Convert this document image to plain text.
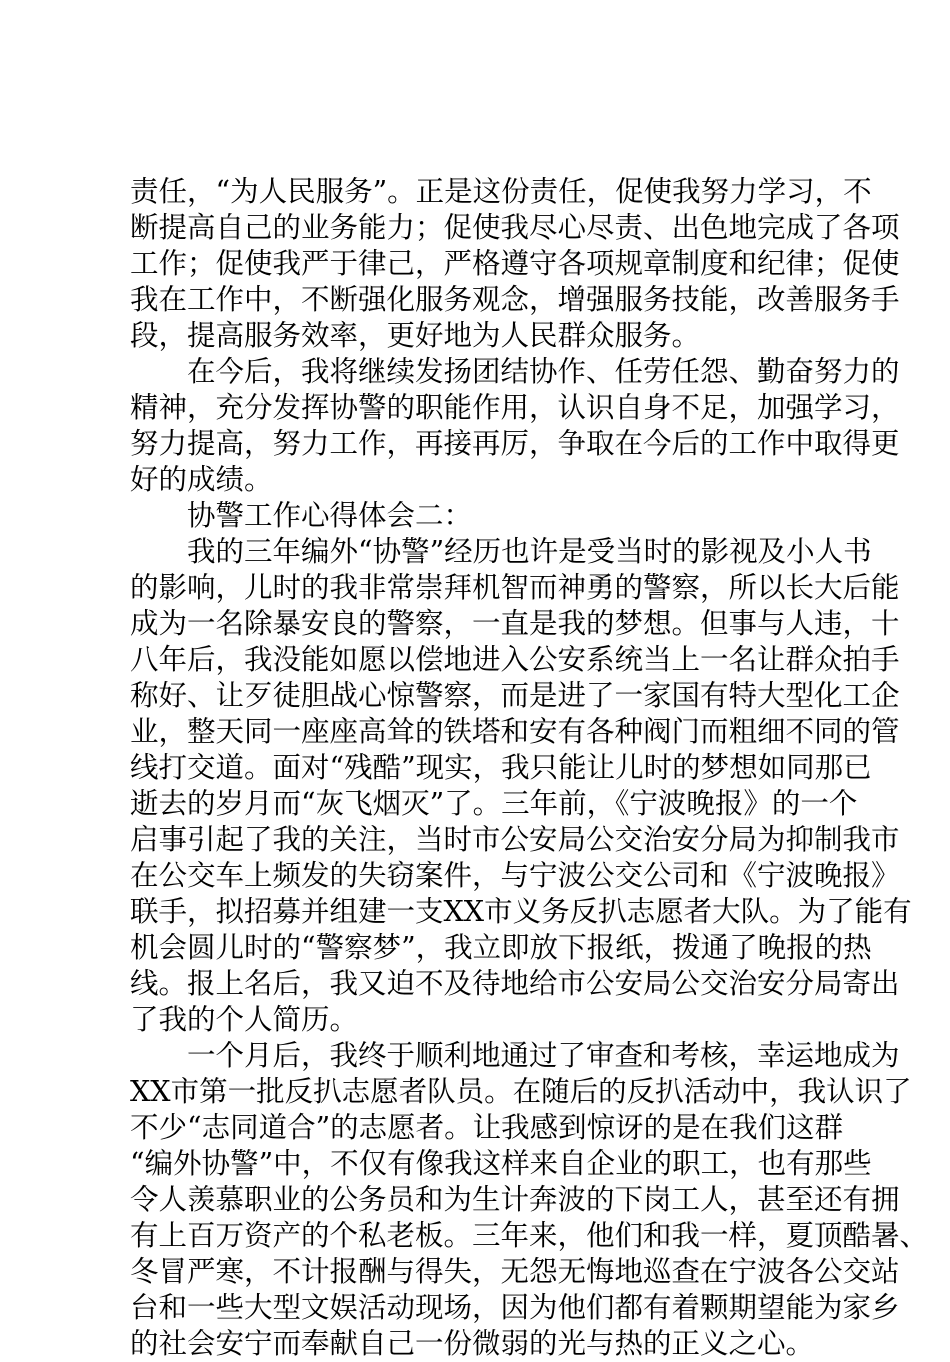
责任，“为人民服务”。正是这份责任，促使我努力学习，不
断提高自己的业务能力；促使我尽心尽责、出色地完成了各项
工作；促使我严于律己，严格遵守各项规章制度和纪律；促使
我在工作中，不断强化服务观念，增强服务技能，改善服务手
段，提高服务效率，更好地为人民群众服务。
　　在今后，我将继续发扬团结协作、任劳任怨、勤奋努力的
精神，充分发挥协警的职能作用，认识自身不足，加强学习，
努力提高，努力工作，再接再厉，争取在今后的工作中取得更
好的成绩。
　　协警工作心得体会二：
　　我的三年编外“协警”经历也许是受当时的影视及小人书
的影响，儿时的我非常崇拜机智而神勇的警察，所以长大后能
成为一名除暴安良的警察，一直是我的梦想。但事与人违，十
八年后，我没能如愿以偿地进入公安系统当上一名让群众拍手
称好、让歹徒胆战心惊警察，而是进了一家国有特大型化工企
业，整天同一座座高耸的铁塔和安有各种阀门而粗细不同的管
线打交道。面对“残酷”现实，我只能让儿时的梦想如同那已
逝去的岁月而“灰飞烟灭”了。三年前，《宁波晚报》的一个
启事引起了我的关注，当时市公安局公交治安分局为抑制我市
在公交车上频发的失窃案件，与宁波公交公司和《宁波晚报》
联手，拟招募并组建一支XX市义务反扒志愿者大队。为了能有
机会圆儿时的“警察梦”，我立即放下报纸，拨通了晚报的热
线。报上名后，我又迫不及待地给市公安局公交治安分局寄出
了我的个人简历。
　　一个月后，我终于顺利地通过了审查和考核，幸运地成为
XX市第一批反扒志愿者队员。在随后的反扒活动中，我认识了
不少“志同道合”的志愿者。让我感到惊讶的是在我们这群
“编外协警”中，不仅有像我这样来自企业的职工，也有那些
令人羡慕职业的公务员和为生计奔波的下岗工人，甚至还有拥
有上百万资产的个私老板。三年来，他们和我一样，夏顶酷暑、
冬冒严寒，不计报酬与得失，无怨无悔地巡查在宁波各公交站
台和一些大型文娱活动现场，因为他们都有着颗期望能为家乡
的社会安宁而奉献自己一份微弱的光与热的正义之心。
